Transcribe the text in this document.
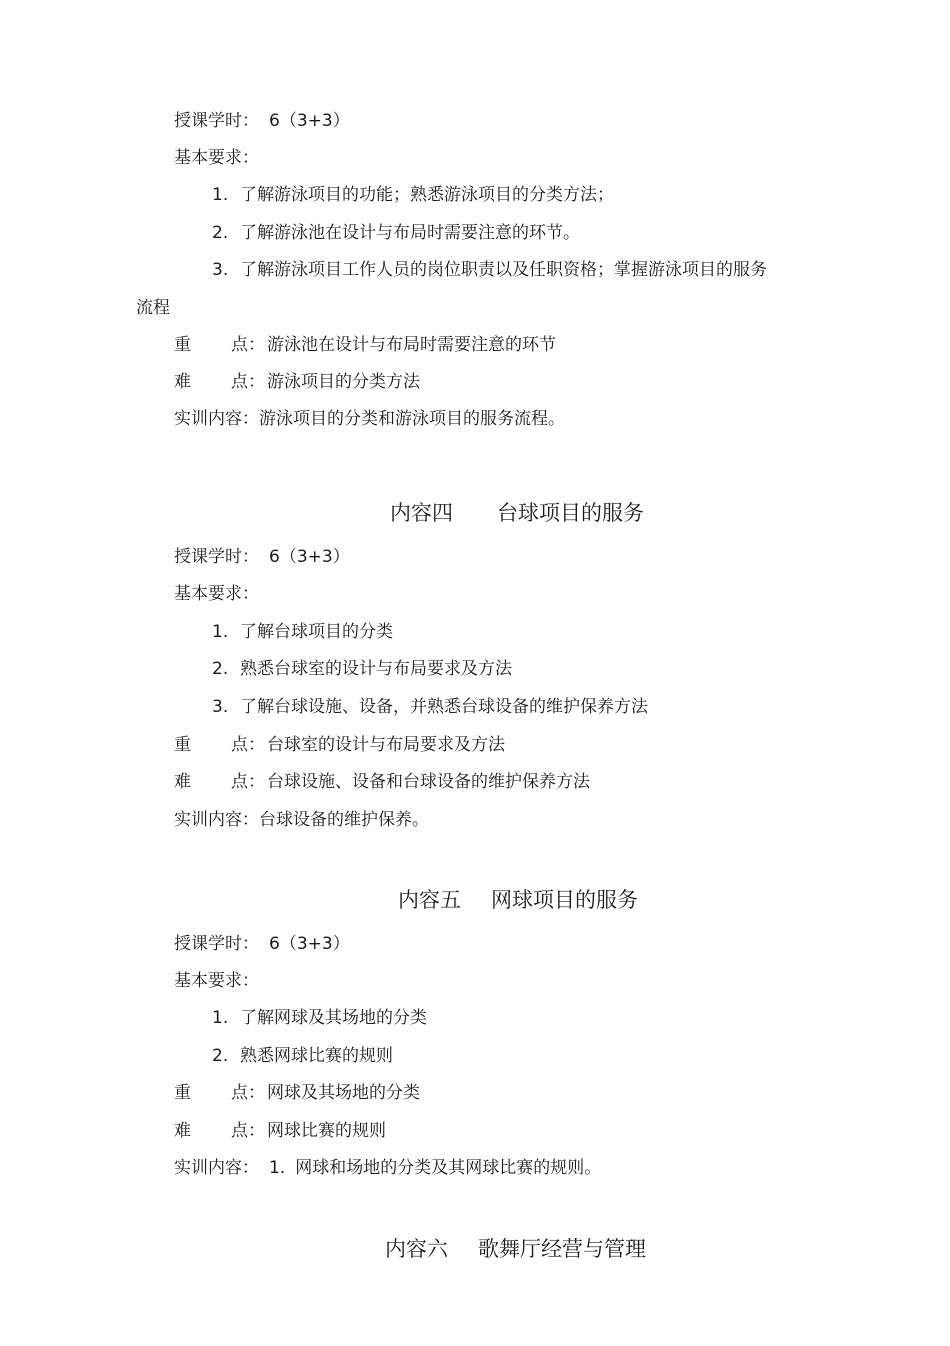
授课学时： 6（3+3）
基本要求：
1. 了解游泳项目的功能；熟悉游泳项目的分类方法；
2. 了解游泳池在设计与布局时需要注意的环节。
3. 了解游泳项目工作人员的岗位职责以及任职资格；掌握游泳项目的服务
流程
重 点： 游泳池在设计与布局时需要注意的环节
难 点： 游泳项目的分类方法
实训内容：游泳项目的分类和游泳项目的服务流程。
内容四 台球项目的服务
授课学时： 6（3+3）
基本要求：
1. 了解台球项目的分类
2. 熟悉台球室的设计与布局要求及方法
3. 了解台球设施、设备，并熟悉台球设备的维护保养方法
重 点： 台球室的设计与布局要求及方法
难 点： 台球设施、设备和台球设备的维护保养方法
实训内容：台球设备的维护保养。
内容五 网球项目的服务
授课学时： 6（3+3）
基本要求：
1. 了解网球及其场地的分类
2. 熟悉网球比赛的规则
重 点： 网球及其场地的分类
难 点： 网球比赛的规则
实训内容： 1. 网球和场地的分类及其网球比赛的规则。
内容六 歌舞厅经营与管理
